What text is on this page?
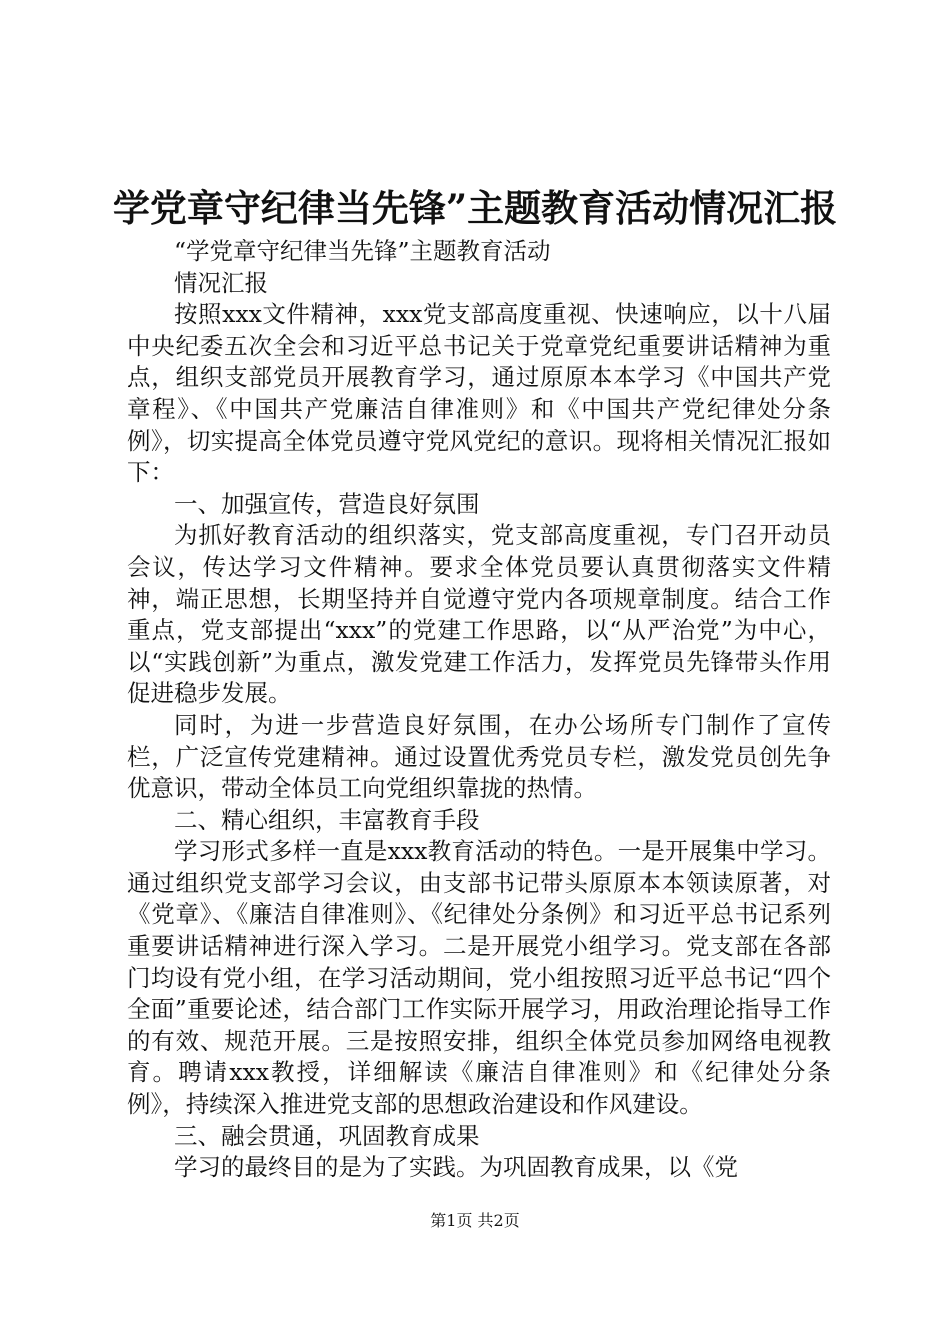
学党章守纪律当先锋”主题教育活动情况汇报

“学党章守纪律当先锋”主题教育活动

情况汇报

按照xxx文件精神，xxx党支部高度重视、快速响应，以十八届中央纪委五次全会和习近平总书记关于党章党纪重要讲话精神为重点，组织支部党员开展教育学习，通过原原本本学习《中国共产党章程》、《中国共产党廉洁自律准则》和《中国共产党纪律处分条例》，切实提高全体党员遵守党风党纪的意识。现将相关情况汇报如下：

一、加强宣传，营造良好氛围

为抓好教育活动的组织落实，党支部高度重视，专门召开动员会议，传达学习文件精神。要求全体党员要认真贯彻落实文件精神，端正思想，长期坚持并自觉遵守党内各项规章制度。结合工作重点，党支部提出“xxx”的党建工作思路，以“从严治党”为中心，以“实践创新”为重点，激发党建工作活力，发挥党员先锋带头作用促进稳步发展。

同时，为进一步营造良好氛围，在办公场所专门制作了宣传栏，广泛宣传党建精神。通过设置优秀党员专栏，激发党员创先争优意识，带动全体员工向党组织靠拢的热情。

二、精心组织，丰富教育手段

学习形式多样一直是xxx教育活动的特色。一是开展集中学习。通过组织党支部学习会议，由支部书记带头原原本本领读原著，对《党章》、《廉洁自律准则》、《纪律处分条例》和习近平总书记系列重要讲话精神进行深入学习。二是开展党小组学习。党支部在各部门均设有党小组，在学习活动期间，党小组按照习近平总书记“四个全面”重要论述，结合部门工作实际开展学习，用政治理论指导工作的有效、规范开展。三是按照安排，组织全体党员参加网络电视教育。聘请xxx教授，详细解读《廉洁自律准则》和《纪律处分条例》，持续深入推进党支部的思想政治建设和作风建设。

三、融会贯通，巩固教育成果

学习的最终目的是为了实践。为巩固教育成果，以《党

第1页 共2页
